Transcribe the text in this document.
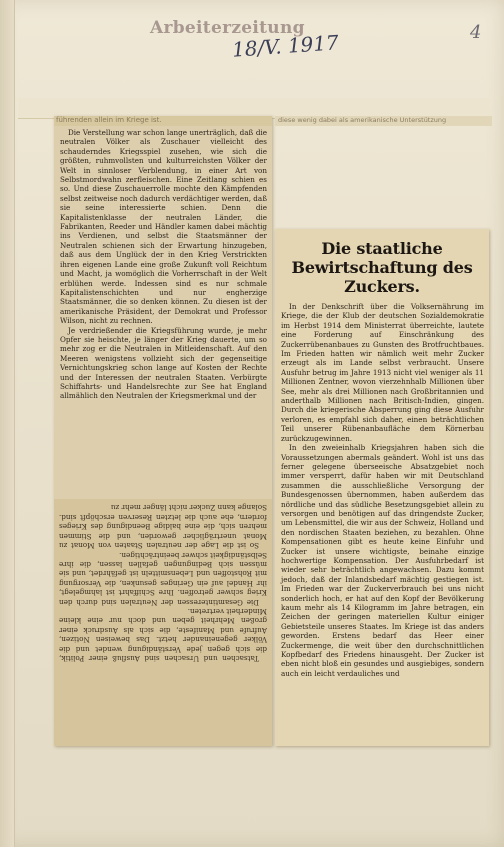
Arbeiterzeitung
18/V. 1917	4
führenden allein im Kriege ist.

Die Verstellung war schon lange unerträglich, daß die neutralen Völker als Zuschauer vielleicht des schauderndes Kriegsspiel zusehen, wie sich die größten, ruhmvollsten und kulturreichsten Völker der Welt in sinnloser Verblendung, in einer Art von Selbstmordwahn zerfleischen. Eine Zeitlang schien es so. Und diese Zuschauerrolle mochte den Kämpfenden selbst zeitweise noch dadurch verdächtiger werden, daß sie seine interessierte schien. Denn die Kapitalistenklasse der neutralen Länder, die Fabrikanten, Reeder und Händler kamen dabei mächtig ins Verdienen, und selbst die Staatsmänner der Neutralen schienen sich der Erwartung hinzugeben, daß aus dem Unglück der in den Krieg Verstrickten ihren eigenen Lande eine große Zukunft voll Reichtum und Macht, ja womöglich die Vorherrschaft in der Welt erblühen werde. Indessen sind es nur schmale Kapitalistenschichten und nur engherzige Staatsmänner, die so denken können. Zu diesen ist der amerikanische Präsident, der Demokrat und Professor Wilson, nicht zu rechnen.

Je verdrießender die Kriegsführung wurde, je mehr Opfer sie heischte, je länger der Krieg dauerte, um so mehr zog er die Neutralen in Mitleidenschaft. Auf den Meeren wenigstens vollzieht sich der gegenseitige Vernichtungskrieg schon lange auf Kosten der Rechte und der Interessen der neutralen Staaten. Verbürgte Schiffahrts- und Handelsrechte zur See hat England allmählich den Neutralen der Kriegsmerkmal und der

Tatsachen und Ursachen sind Ausfluß einer Politik, die sich gegen jede Verständigung wendet und die Völker gegeneinander hetzt. Das beweisen Notizen, Aufrufe und Manifeste, die sich als Ausdruck einer großen Mehrheit geben und doch nur eine kleine Minderheit vertreten.

Die Gesamtinteressen der Neutralen sind durch den Krieg schwer getroffen. Ihre Schiffahrt ist lahmgelegt, ihr Handel auf ein Geringes gesunken, die Versorgung mit Rohstoffen und Lebensmitteln ist gefährdet, und sie müssen sich Bedingungen gefallen lassen, die ihre Selbständigkeit schwer beeinträchtigen.

So ist die Lage der neutralen Staaten von Monat zu Monat unerträglicher geworden, und die Stimmen mehren sich, die eine baldige Beendigung des Krieges fordern, ehe auch die letzten Reserven erschöpft sind. Solange kann Zucker nicht länger mehr zu

diese wenig dabei als amerikanische Unterstützung
Die staatliche Bewirtschaftung des Zuckers.

In der Denkschrift über die Volksernährung im Kriege, die der Klub der deutschen Sozialdemokratie im Herbst 1914 dem Ministerrat überreichte, lautete eine Forderung auf Einschränkung des Zuckerrübenanbaues zu Gunsten des Brotfruchtbaues. Im Frieden hatten wir nämlich weit mehr Zucker erzeugt als im Lande selbst verbraucht. Unsere Ausfuhr betrug im Jahre 1913 nicht viel weniger als 11 Millionen Zentner, wovon vierzehnhalb Millionen über See, mehr als drei Millionen nach Großbritannien und anderthalb Millionen nach Britisch-Indien, gingen. Durch die kriegerische Absperrung ging diese Ausfuhr verloren, es empfahl sich daher, einen beträchtlichen Teil unserer Rübenanbaufläche dem Körnerbau zurückzugewinnen.

In den zweieinhalb Kriegsjahren haben sich die Voraussetzungen abermals geändert. Wohl ist uns das ferner gelegene überseeische Absatzgebiet noch immer versperrt, dafür haben wir mit Deutschland zusammen die ausschließliche Versorgung der Bundesgenossen übernommen, haben außerdem das nördliche und das südliche Besetzungsgebiet allein zu versorgen und benötigen auf das dringendste Zucker, um Lebensmittel, die wir aus der Schweiz, Holland und den nordischen Staaten beziehen, zu bezahlen. Ohne Kompensationen gibt es heute keine Einfuhr und Zucker ist unsere wichtigste, beinahe einzige hochwertige Kompensation. Der Ausfuhrbedarf ist wieder sehr beträchtlich angewachsen. Dazu kommt jedoch, daß der Inlandsbedarf mächtig gestiegen ist. Im Frieden war der Zuckerverbrauch bei uns nicht sonderlich hoch, er hat auf den Kopf der Bevölkerung kaum mehr als 14 Kilogramm im Jahre betragen, ein Zeichen der geringen materiellen Kultur einiger Gebietsteile unseres Staates. Im Kriege ist das anders geworden. Erstens bedarf das Heer einer Zuckermenge, die weit über den durchschnittlichen Kopfbedarf des Friedens hinausgeht. Der Zucker ist eben nicht bloß ein gesundes und ausgiebiges, sondern auch ein leicht verdauliches und
